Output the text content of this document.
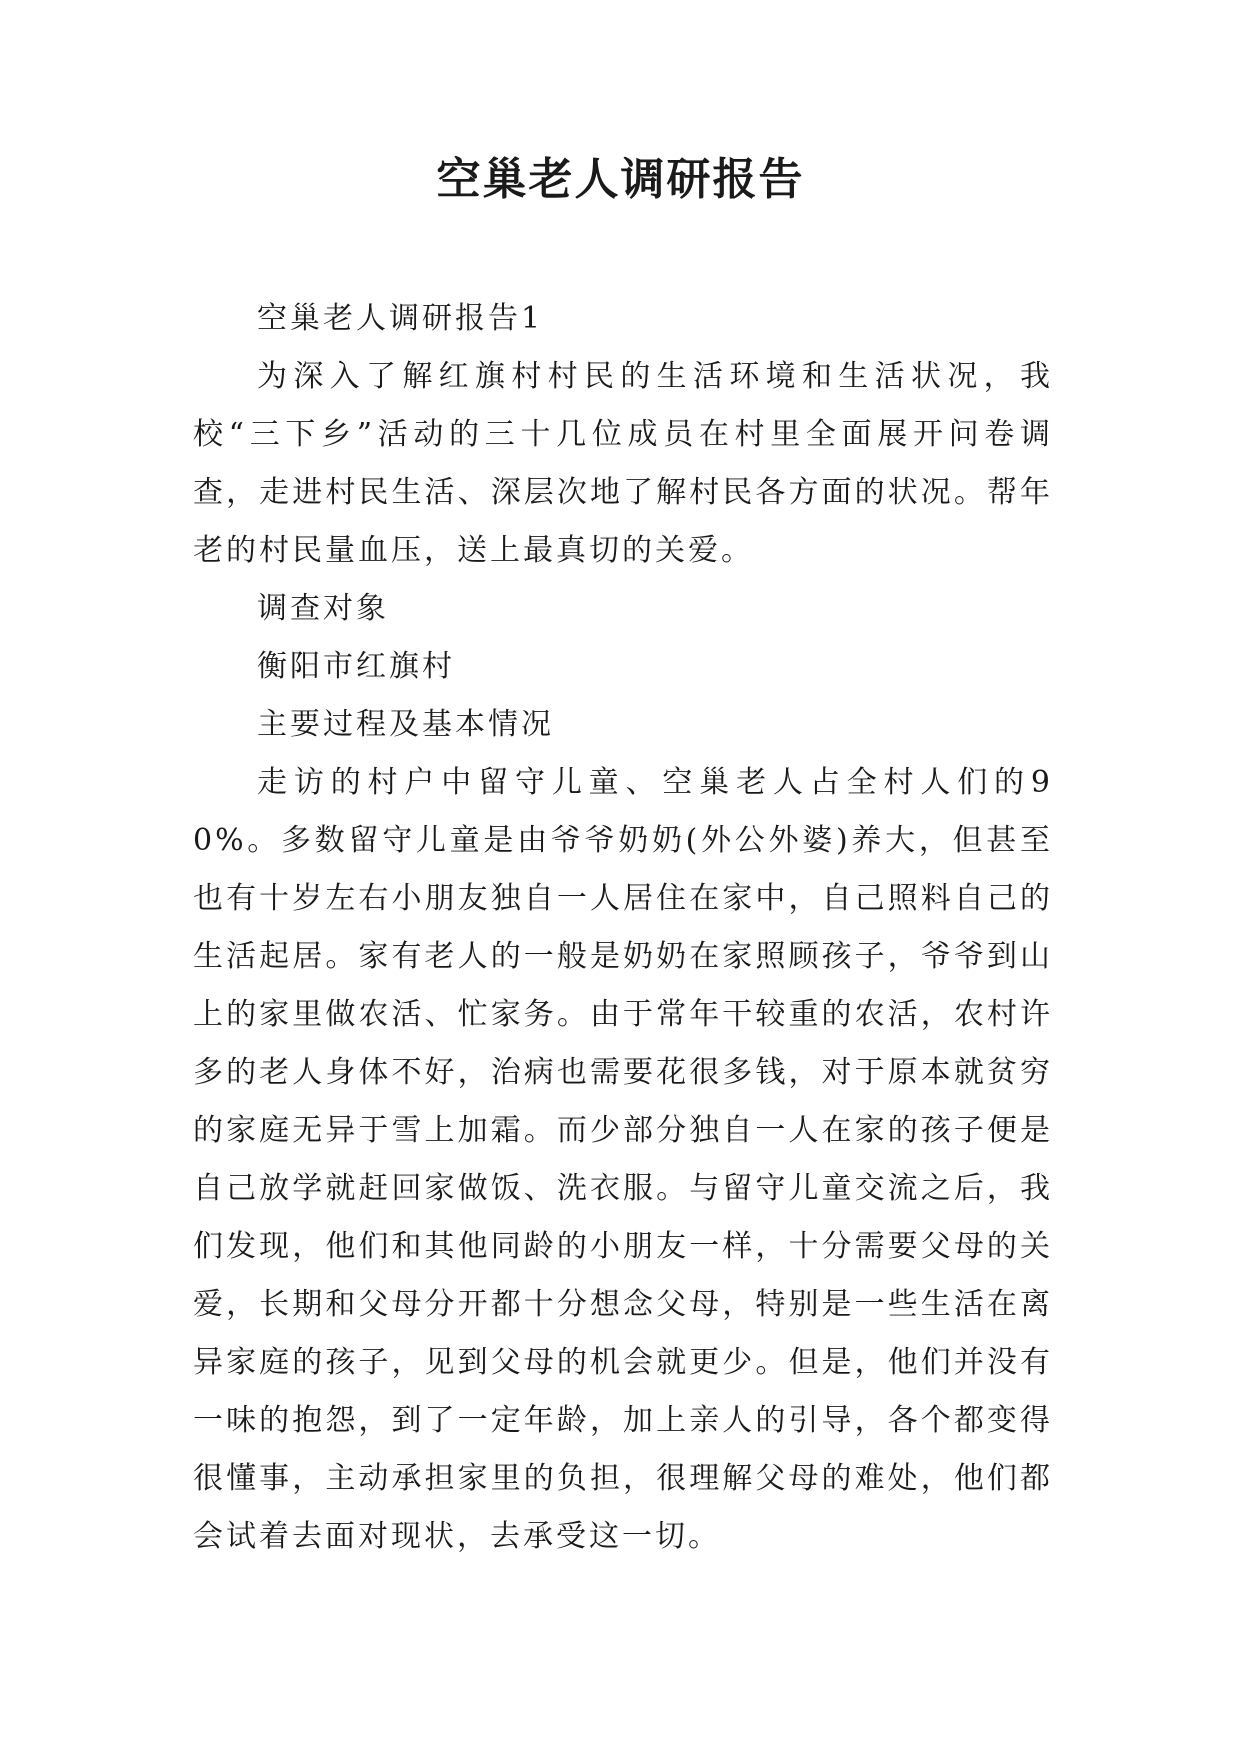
空巢老人调研报告

空巢老人调研报告1

为深入了解红旗村村民的生活环境和生活状况，我校“三下乡”活动的三十几位成员在村里全面展开问卷调查，走进村民生活、深层次地了解村民各方面的状况。帮年老的村民量血压，送上最真切的关爱。

调查对象

衡阳市红旗村

主要过程及基本情况

走访的村户中留守儿童、空巢老人占全村人们的90%。多数留守儿童是由爷爷奶奶(外公外婆)养大，但甚至也有十岁左右小朋友独自一人居住在家中，自己照料自己的生活起居。家有老人的一般是奶奶在家照顾孩子，爷爷到山上的家里做农活、忙家务。由于常年干较重的农活，农村许多的老人身体不好，治病也需要花很多钱，对于原本就贫穷的家庭无异于雪上加霜。而少部分独自一人在家的孩子便是自己放学就赶回家做饭、洗衣服。与留守儿童交流之后，我们发现，他们和其他同龄的小朋友一样，十分需要父母的关爱，长期和父母分开都十分想念父母，特别是一些生活在离异家庭的孩子，见到父母的机会就更少。但是，他们并没有一味的抱怨，到了一定年龄，加上亲人的引导，各个都变得很懂事，主动承担家里的负担，很理解父母的难处，他们都会试着去面对现状，去承受这一切。
